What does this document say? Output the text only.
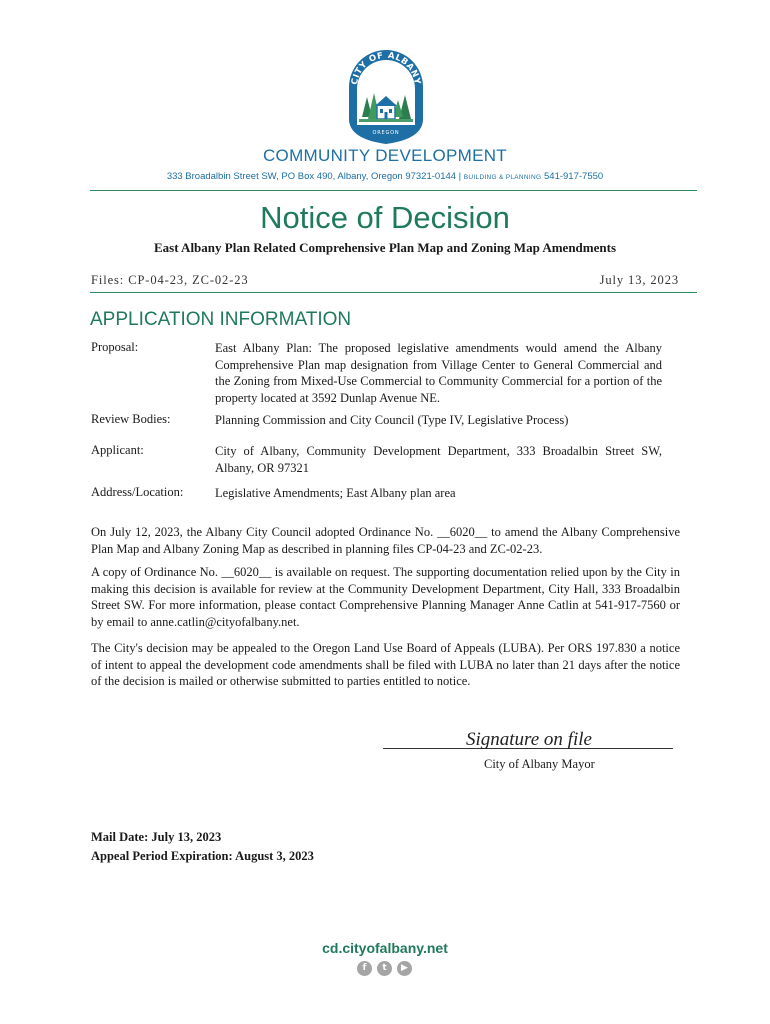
CITY OF ALBANY
OREGON
COMMUNITY DEVELOPMENT
333 Broadalbin Street SW, PO Box 490, Albany, Oregon 97321-0144 | BUILDING & PLANNING 541-917-7550
Notice of Decision
East Albany Plan Related Comprehensive Plan Map and Zoning Map Amendments
Files: CP-04-23, ZC-02-23	July 13, 2023
APPLICATION INFORMATION
Proposal:	East Albany Plan: The proposed legislative amendments would amend the Albany Comprehensive Plan map designation from Village Center to General Commercial and the Zoning from Mixed-Use Commercial to Community Commercial for a portion of the property located at 3592 Dunlap Avenue NE.
Review Bodies:	Planning Commission and City Council (Type IV, Legislative Process)
Applicant:	City of Albany, Community Development Department, 333 Broadalbin Street SW, Albany, OR 97321
Address/Location:	Legislative Amendments; East Albany plan area
On July 12, 2023, the Albany City Council adopted Ordinance No. __6020__ to amend the Albany Comprehensive Plan Map and Albany Zoning Map as described in planning files CP-04-23 and ZC-02-23.
A copy of Ordinance No. __6020__ is available on request. The supporting documentation relied upon by the City in making this decision is available for review at the Community Development Department, City Hall, 333 Broadalbin Street SW. For more information, please contact Comprehensive Planning Manager Anne Catlin at 541-917-7560 or by email to anne.catlin@cityofalbany.net.
The City's decision may be appealed to the Oregon Land Use Board of Appeals (LUBA). Per ORS 197.830 a notice of intent to appeal the development code amendments shall be filed with LUBA no later than 21 days after the notice of the decision is mailed or otherwise submitted to parties entitled to notice.
Signature on file
City of Albany Mayor
Mail Date: July 13, 2023
Appeal Period Expiration: August 3, 2023
cd.cityofalbany.net
f	t	▶
